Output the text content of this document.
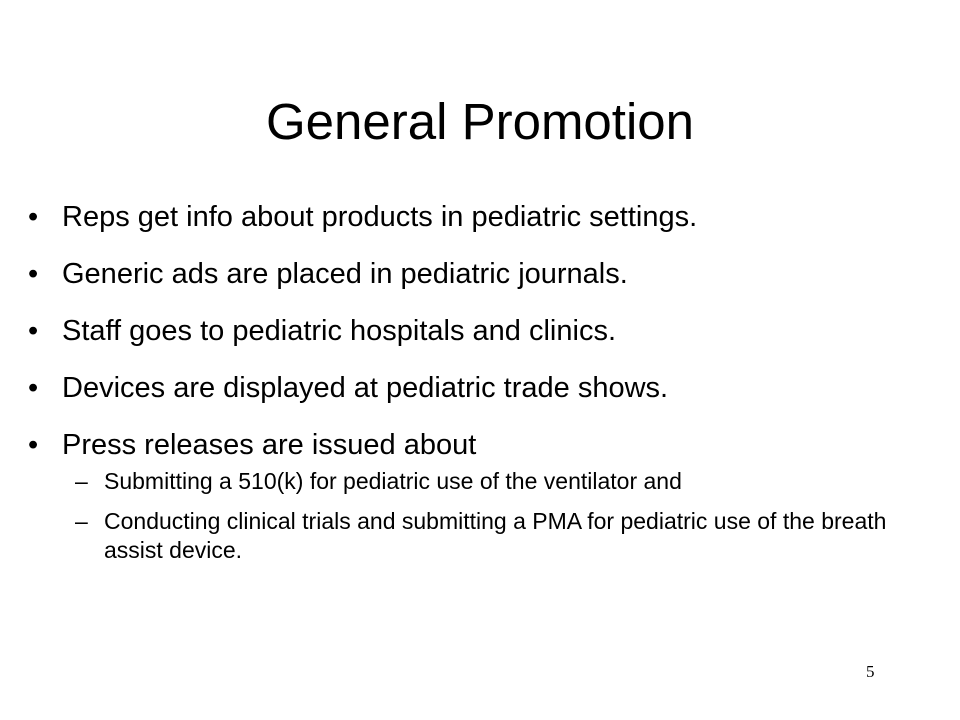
General Promotion
• Reps get info about products in pediatric settings.
• Generic ads are placed in pediatric journals.
• Staff goes to pediatric hospitals and clinics.
• Devices are displayed at pediatric trade shows.
• Press releases are issued about
– Submitting a 510(k) for pediatric use of the ventilator and
– Conducting clinical trials and submitting a PMA for pediatric use of the breath assist device.
5
